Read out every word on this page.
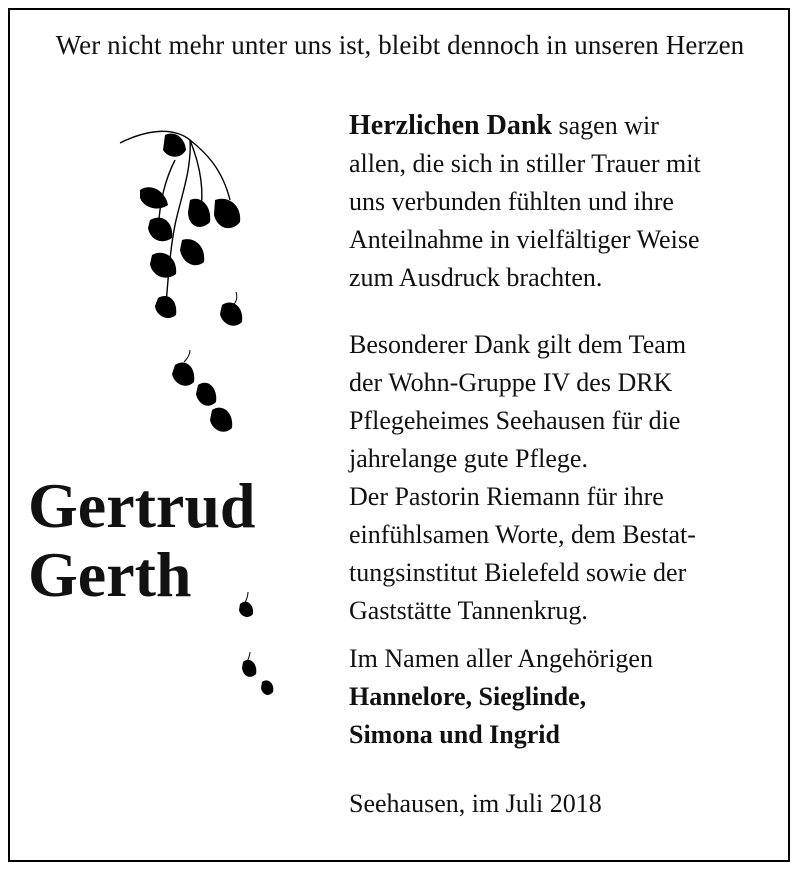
Wer nicht mehr unter uns ist, bleibt dennoch in unseren Herzen
Gertrud
Gerth

Herzlichen Dank sagen wir

allen, die sich in stiller Trauer mit

uns verbunden fühlten und ihre

Anteilnahme in vielfältiger Weise

zum Ausdruck brachten.

Besonderer Dank gilt dem Team

der Wohn-Gruppe IV des DRK

Pflegeheimes Seehausen für die

jahrelange gute Pflege.

Der Pastorin Riemann für ihre

einfühlsamen Worte, dem Bestat-

tungsinstitut Bielefeld sowie der

Gaststätte Tannenkrug.

Im Namen aller Angehörigen

Hannelore, Sieglinde,

Simona und Ingrid

Seehausen, im Juli 2018
